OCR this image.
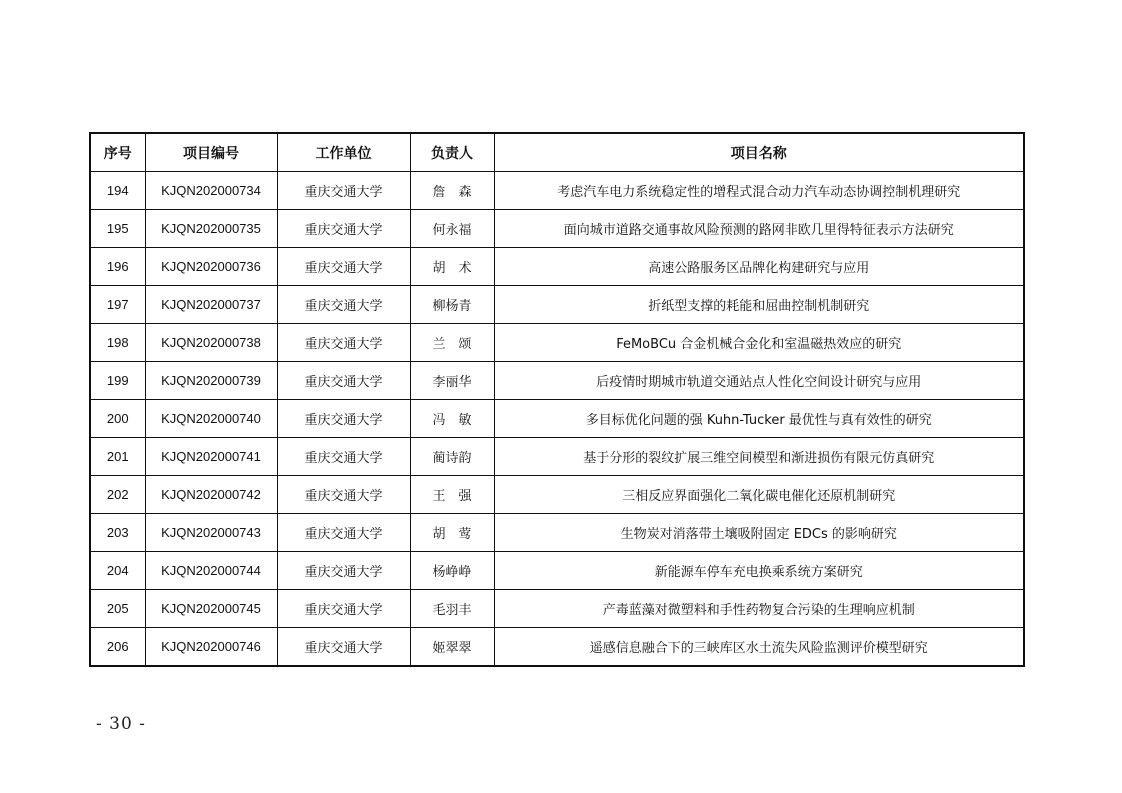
序号	项目编号	工作单位	负责人	项目名称
194	KJQN202000734	重庆交通大学	詹　森	考虑汽车电力系统稳定性的增程式混合动力汽车动态协调控制机理研究
195	KJQN202000735	重庆交通大学	何永福	面向城市道路交通事故风险预测的路网非欧几里得特征表示方法研究
196	KJQN202000736	重庆交通大学	胡　术	高速公路服务区品牌化构建研究与应用
197	KJQN202000737	重庆交通大学	柳杨青	折纸型支撑的耗能和屈曲控制机制研究
198	KJQN202000738	重庆交通大学	兰　颂	FeMoBCu 合金机械合金化和室温磁热效应的研究
199	KJQN202000739	重庆交通大学	李丽华	后疫情时期城市轨道交通站点人性化空间设计研究与应用
200	KJQN202000740	重庆交通大学	冯　敏	多目标优化问题的强 Kuhn-Tucker 最优性与真有效性的研究
201	KJQN202000741	重庆交通大学	蔺诗韵	基于分形的裂纹扩展三维空间模型和渐进损伤有限元仿真研究
202	KJQN202000742	重庆交通大学	王　强	三相反应界面强化二氧化碳电催化还原机制研究
203	KJQN202000743	重庆交通大学	胡　莺	生物炭对消落带土壤吸附固定 EDCs 的影响研究
204	KJQN202000744	重庆交通大学	杨峥峥	新能源车停车充电换乘系统方案研究
205	KJQN202000745	重庆交通大学	毛羽丰	产毒蓝藻对微塑料和手性药物复合污染的生理响应机制
206	KJQN202000746	重庆交通大学	姬翠翠	遥感信息融合下的三峡库区水土流失风险监测评价模型研究
- 30 -
